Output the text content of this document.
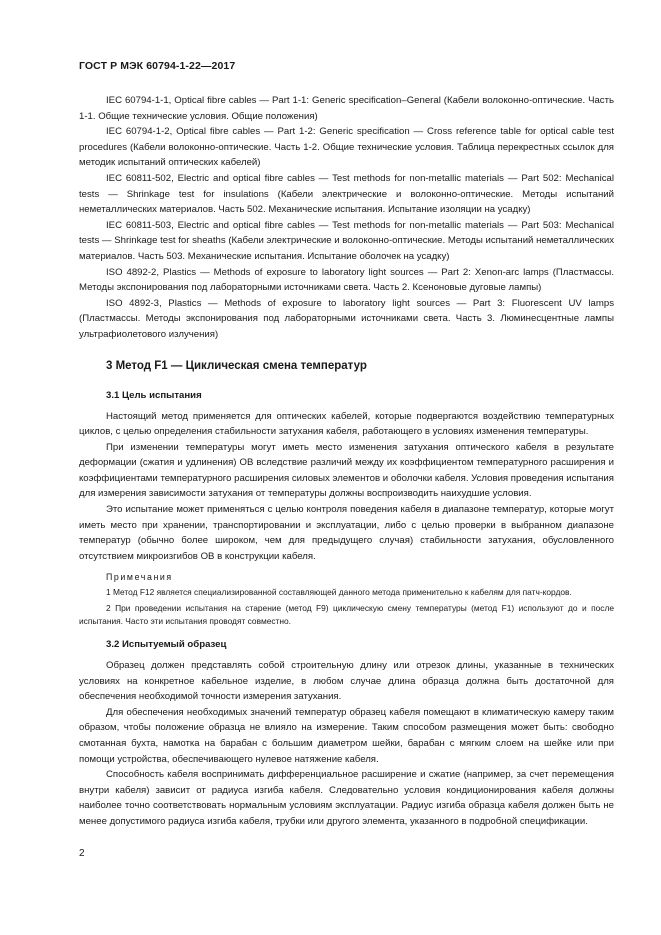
ГОСТ Р МЭК 60794-1-22—2017

IEC 60794-1-1, Optical fibre cables — Part 1-1: Generic specification–General (Кабели волоконно-оптические. Часть 1-1. Общие технические условия. Общие положения)

IEC 60794-1-2, Optical fibre cables — Part 1-2: Generic specification — Cross reference table for optical cable test procedures (Кабели волоконно-оптические. Часть 1-2. Общие технические условия. Таблица перекрестных ссылок для методик испытаний оптических кабелей)

IEC 60811-502, Electric and optical fibre cables — Test methods for non-metallic materials — Part 502: Mechanical tests — Shrinkage test for insulations (Кабели электрические и волоконно-оптические. Методы испытаний неметаллических материалов. Часть 502. Механические испытания. Испытание изоляции на усадку)

IEC 60811-503, Electric and optical fibre cables — Test methods for non-metallic materials — Part 503: Mechanical tests — Shrinkage test for sheaths (Кабели электрические и волоконно-оптические. Методы испытаний неметаллических материалов. Часть 503. Механические испытания. Испытание оболочек на усадку)

ISO 4892-2, Plastics — Methods of exposure to laboratory light sources — Part 2: Xenon-arc lamps (Пластмассы. Методы экспонирования под лабораторными источниками света. Часть 2. Ксеноновые дуговые лампы)

ISO 4892-3, Plastics — Methods of exposure to laboratory light sources — Part 3: Fluorescent UV lamps (Пластмассы. Методы экспонирования под лабораторными источниками света. Часть 3. Люминесцентные лампы ультрафиолетового излучения)

3 Метод F1 — Циклическая смена температур
3.1 Цель испытания

Настоящий метод применяется для оптических кабелей, которые подвергаются воздействию температурных циклов, с целью определения стабильности затухания кабеля, работающего в условиях изменения температуры.

При изменении температуры могут иметь место изменения затухания оптического кабеля в результате деформации (сжатия и удлинения) ОВ вследствие различий между их коэффициентом температурного расширения и коэффициентами температурного расширения силовых элементов и оболочки кабеля. Условия проведения испытания для измерения зависимости затухания от температуры должны воспроизводить наихудшие условия.

Это испытание может применяться с целью контроля поведения кабеля в диапазоне температур, которые могут иметь место при хранении, транспортировании и эксплуатации, либо с целью проверки в выбранном диапазоне температур (обычно более широком, чем для предыдущего случая) стабильности затухания, обусловленного отсутствием микроизгибов ОВ в конструкции кабеля.

Примечания

1 Метод F12 является специализированной составляющей данного метода применительно к кабелям для патч-кордов.

2 При проведении испытания на старение (метод F9) циклическую смену температуры (метод F1) используют до и после испытания. Часто эти испытания проводят совместно.

3.2 Испытуемый образец

Образец должен представлять собой строительную длину или отрезок длины, указанные в технических условиях на конкретное кабельное изделие, в любом случае длина образца должна быть достаточной для обеспечения необходимой точности измерения затухания.

Для обеспечения необходимых значений температур образец кабеля помещают в климатическую камеру таким образом, чтобы положение образца не влияло на измерение. Таким способом размещения может быть: свободно смотанная бухта, намотка на барабан с большим диаметром шейки, барабан с мягким слоем на шейке или при помощи устройства, обеспечивающего нулевое натяжение кабеля.

Способность кабеля воспринимать дифференциальное расширение и сжатие (например, за счет перемещения внутри кабеля) зависит от радиуса изгиба кабеля. Следовательно условия кондиционирования кабеля должны наиболее точно соответствовать нормальным условиям эксплуатации. Радиус изгиба образца кабеля должен быть не менее допустимого радиуса изгиба кабеля, трубки или другого элемента, указанного в подробной спецификации.

2
